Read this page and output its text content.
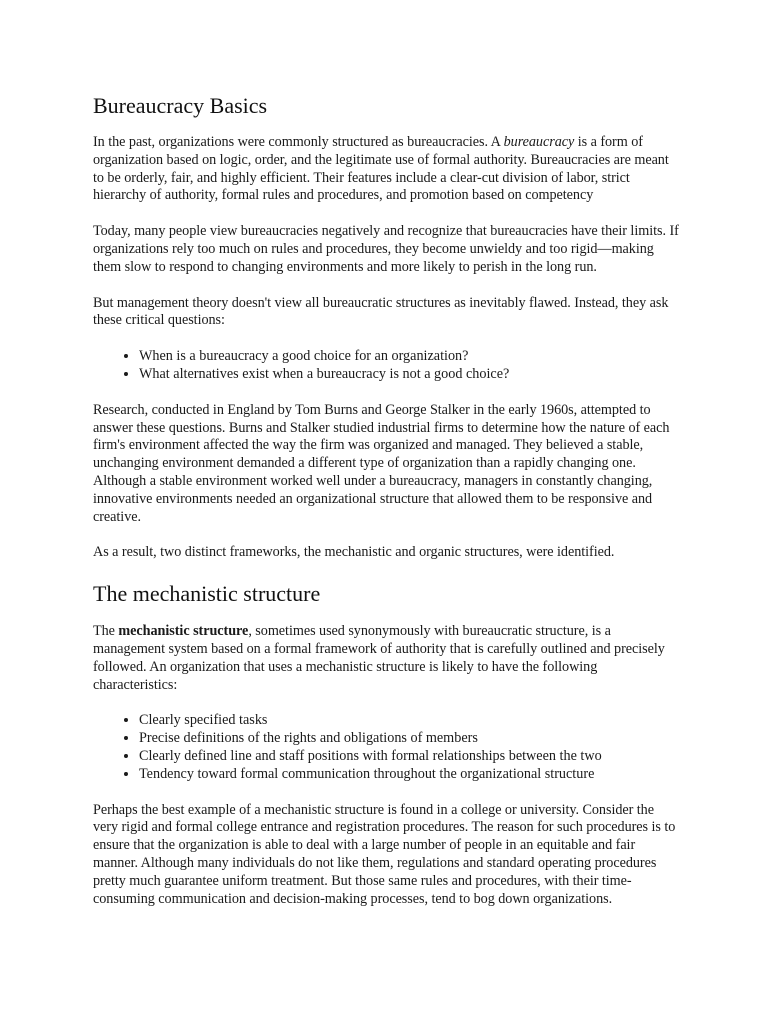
Bureaucracy Basics

In the past, organizations were commonly structured as bureaucracies. A bureaucracy is a form of organization based on logic, order, and the legitimate use of formal authority. Bureaucracies are meant to be orderly, fair, and highly efficient. Their features include a clear-cut division of labor, strict hierarchy of authority, formal rules and procedures, and promotion based on competency

Today, many people view bureaucracies negatively and recognize that bureaucracies have their limits. If organizations rely too much on rules and procedures, they become unwieldy and too rigid—making them slow to respond to changing environments and more likely to perish in the long run.

But management theory doesn't view all bureaucratic structures as inevitably flawed. Instead, they ask these critical questions:

• When is a bureaucracy a good choice for an organization?
• What alternatives exist when a bureaucracy is not a good choice?

Research, conducted in England by Tom Burns and George Stalker in the early 1960s, attempted to answer these questions. Burns and Stalker studied industrial firms to determine how the nature of each firm's environment affected the way the firm was organized and managed. They believed a stable, unchanging environment demanded a different type of organization than a rapidly changing one. Although a stable environment worked well under a bureaucracy, managers in constantly changing, innovative environments needed an organizational structure that allowed them to be responsive and creative.

As a result, two distinct frameworks, the mechanistic and organic structures, were identified.

The mechanistic structure

The mechanistic structure, sometimes used synonymously with bureaucratic structure, is a management system based on a formal framework of authority that is carefully outlined and precisely followed. An organization that uses a mechanistic structure is likely to have the following characteristics:

• Clearly specified tasks
• Precise definitions of the rights and obligations of members
• Clearly defined line and staff positions with formal relationships between the two
• Tendency toward formal communication throughout the organizational structure

Perhaps the best example of a mechanistic structure is found in a college or university. Consider the very rigid and formal college entrance and registration procedures. The reason for such procedures is to ensure that the organization is able to deal with a large number of people in an equitable and fair manner. Although many individuals do not like them, regulations and standard operating procedures pretty much guarantee uniform treatment. But those same rules and procedures, with their time-consuming communication and decision-making processes, tend to bog down organizations.
